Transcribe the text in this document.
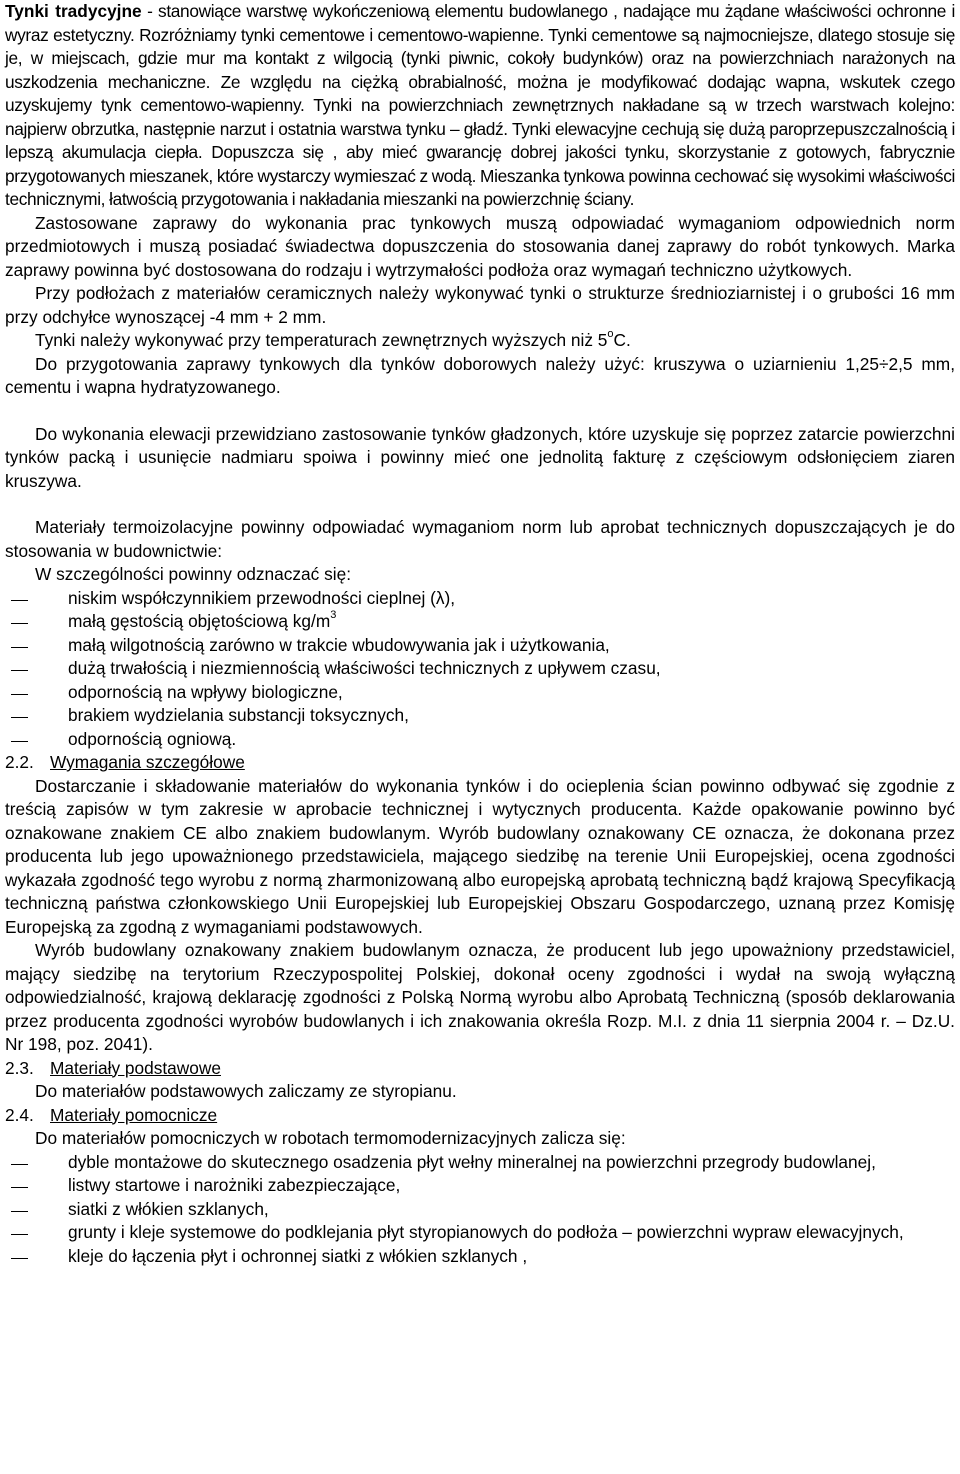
Tynki tradycyjne - stanowiące warstwę wykończeniową elementu budowlanego , nadające mu żądane właściwości ochronne i wyraz estetyczny. Rozróżniamy tynki cementowe i cementowo-wapienne. Tynki cementowe są najmocniejsze, dlatego stosuje się je, w miejscach, gdzie mur ma kontakt z wilgocią (tynki piwnic, cokoły budynków) oraz na powierzchniach narażonych na uszkodzenia mechaniczne. Ze względu na ciężką obrabialność, można je modyfikować dodając wapna, wskutek czego uzyskujemy tynk cementowo-wapienny. Tynki na powierzchniach zewnętrznych nakładane są w trzech warstwach kolejno: najpierw obrzutka, następnie narzut i ostatnia warstwa tynku – gładź. Tynki elewacyjne cechują się dużą paroprzepuszczalnością i lepszą akumulacja ciepła. Dopuszcza się , aby mieć gwarancję dobrej jakości tynku, skorzystanie z gotowych, fabrycznie przygotowanych mieszanek, które wystarczy wymieszać z wodą. Mieszanka tynkowa powinna cechować się wysokimi właściwości technicznymi, łatwością przygotowania i nakładania mieszanki na powierzchnię ściany.

Zastosowane zaprawy do wykonania prac tynkowych muszą odpowiadać wymaganiom odpowiednich norm przedmiotowych i muszą posiadać świadectwa dopuszczenia do stosowania danej zaprawy do robót tynkowych. Marka zaprawy powinna być dostosowana do rodzaju i wytrzymałości podłoża oraz wymagań techniczno użytkowych.

Przy podłożach z materiałów ceramicznych należy wykonywać tynki o strukturze średnioziarnistej i o grubości 16 mm przy odchyłce wynoszącej -4 mm + 2 mm.

Tynki należy wykonywać przy temperaturach zewnętrznych wyższych niż 5$^o$C.

Do przygotowania zaprawy tynkowych dla tynków doborowych należy użyć: kruszywa o uziarnieniu 1,25÷2,5 mm, cementu i wapna hydratyzowanego.

Do wykonania elewacji przewidziano zastosowanie tynków gładzonych, które uzyskuje się poprzez zatarcie powierzchni tynków packą i usunięcie nadmiaru spoiwa i powinny mieć one jednolitą fakturę z częściowym odsłonięciem ziaren kruszywa.

Materiały termoizolacyjne powinny odpowiadać wymaganiom norm lub aprobat technicznych dopuszczających je do stosowania w budownictwie:

W szczególności powinny odznaczać się:

niskim współczynnikiem przewodności cieplnej (λ),
małą gęstością objętościową $kg/m^3$
małą wilgotnością zarówno w trakcie wbudowywania jak i użytkowania,
dużą trwałością i niezmiennością właściwości technicznych z upływem czasu,
odpornością na wpływy biologiczne,
brakiem wydzielania substancji toksycznych,
odpornością ogniową.

2.2. Wymagania szczegółowe

Dostarczanie i składowanie materiałów do wykonania tynków i do ocieplenia ścian powinno odbywać się zgodnie z treścią zapisów w tym zakresie w aprobacie technicznej i wytycznych producenta. Każde opakowanie powinno być oznakowane znakiem CE albo znakiem budowlanym. Wyrób budowlany oznakowany CE oznacza, że dokonana przez producenta lub jego upoważnionego przedstawiciela, mającego siedzibę na terenie Unii Europejskiej, ocena zgodności wykazała zgodność tego wyrobu z normą zharmonizowaną albo europejską aprobatą techniczną bądź krajową Specyfikacją techniczną państwa członkowskiego Unii Europejskiej lub Europejskiej Obszaru Gospodarczego, uznaną przez Komisję Europejską za zgodną z wymaganiami podstawowych.

Wyrób budowlany oznakowany znakiem budowlanym oznacza, że producent lub jego upoważniony przedstawiciel, mający siedzibę na terytorium Rzeczypospolitej Polskiej, dokonał oceny zgodności i wydał na swoją wyłączną odpowiedzialność, krajową deklarację zgodności z Polską Normą wyrobu albo Aprobatą Techniczną (sposób deklarowania przez producenta zgodności wyrobów budowlanych i ich znakowania określa Rozp. M.I. z dnia 11 sierpnia 2004 r. – Dz.U. Nr 198, poz. 2041).

2.3. Materiały podstawowe

Do materiałów podstawowych zaliczamy ze styropianu.

2.4. Materiały pomocnicze

Do materiałów pomocniczych w robotach termomodernizacyjnych zalicza się:

dyble montażowe do skutecznego osadzenia płyt wełny mineralnej na powierzchni przegrody budowlanej,
listwy startowe i narożniki zabezpieczające,
siatki z włókien szklanych,
grunty i kleje systemowe do podklejania płyt styropianowych do podłoża – powierzchni wypraw elewacyjnych,
kleje do łączenia płyt i ochronnej siatki z włókien szklanych ,
